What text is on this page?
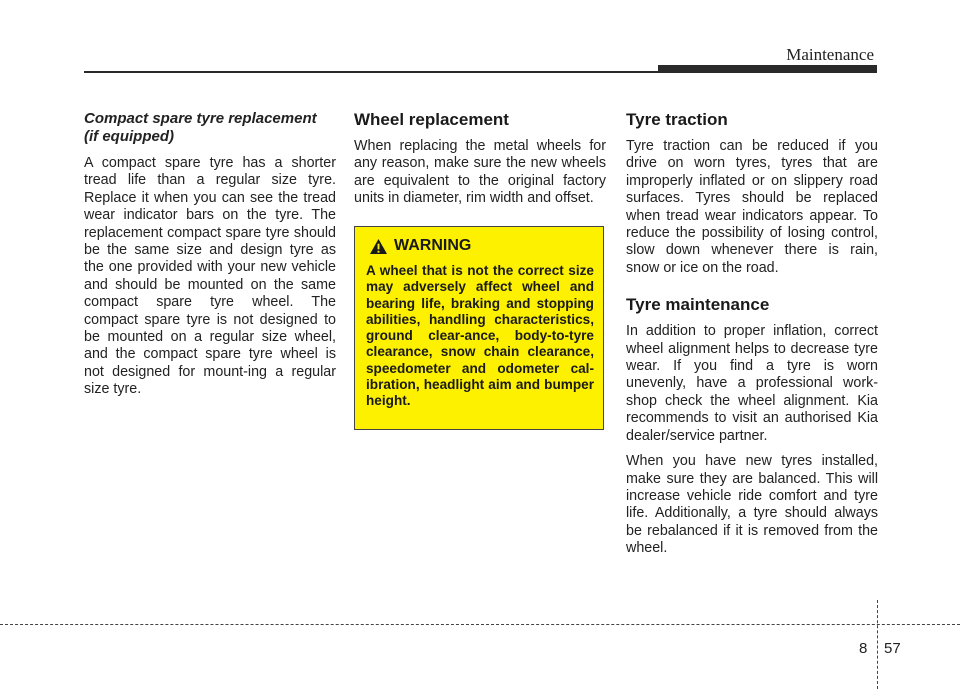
Maintenance

Compact spare tyre replacement
(if equipped)

A compact spare tyre has a shorter tread life than a regular size tyre. Replace it when you can see the tread wear indicator bars on the tyre. The replacement compact spare tyre should be the same size and design tyre as the one provided with your new vehicle and should be mounted on the same compact spare tyre wheel. The compact spare tyre is not designed to be mounted on a regular size wheel, and the compact spare tyre wheel is not designed for mount-ing a regular size tyre.

Wheel replacement

When replacing the metal wheels for any reason, make sure the new wheels are equivalent to the original factory units in diameter, rim width and offset.

WARNING

A wheel that is not the correct size may adversely affect wheel and bearing life, braking and stopping abilities, handling characteristics, ground clear-ance, body-to-tyre clearance, snow chain clearance, speedometer and odometer cal-ibration, headlight aim and bumper height.

Tyre traction

Tyre traction can be reduced if you drive on worn tyres, tyres that are improperly inflated or on slippery road surfaces. Tyres should be replaced when tread wear indicators appear. To reduce the possibility of losing control, slow down whenever there is rain, snow or ice on the road.

Tyre maintenance

In addition to proper inflation, correct wheel alignment helps to decrease tyre wear. If you find a tyre is worn unevenly, have a professional work-shop check the wheel alignment. Kia recommends to visit an authorised Kia dealer/service partner.

When you have new tyres installed, make sure they are balanced. This will increase vehicle ride comfort and tyre life. Additionally, a tyre should always be rebalanced if it is removed from the wheel.

8 57
